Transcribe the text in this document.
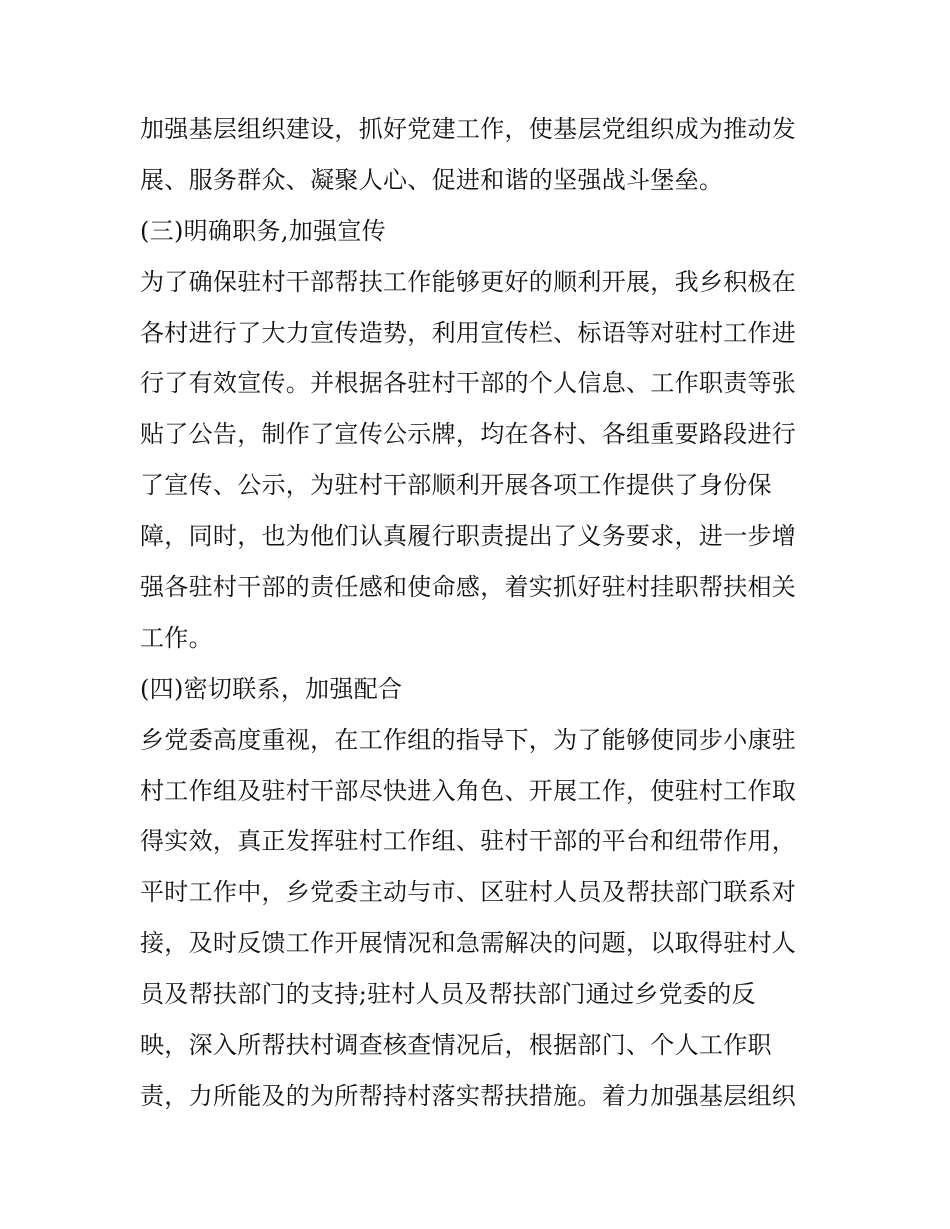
加强基层组织建设，抓好党建工作，使基层党组织成为推动发
展、服务群众、凝聚人心、促进和谐的坚强战斗堡垒。
(三)明确职务,加强宣传
为了确保驻村干部帮扶工作能够更好的顺利开展，我乡积极在
各村进行了大力宣传造势，利用宣传栏、标语等对驻村工作进
行了有效宣传。并根据各驻村干部的个人信息、工作职责等张
贴了公告，制作了宣传公示牌，均在各村、各组重要路段进行
了宣传、公示，为驻村干部顺利开展各项工作提供了身份保
障，同时，也为他们认真履行职责提出了义务要求，进一步增
强各驻村干部的责任感和使命感，着实抓好驻村挂职帮扶相关
工作。
(四)密切联系，加强配合
乡党委高度重视，在工作组的指导下，为了能够使同步小康驻
村工作组及驻村干部尽快进入角色、开展工作，使驻村工作取
得实效，真正发挥驻村工作组、驻村干部的平台和纽带作用，
平时工作中，乡党委主动与市、区驻村人员及帮扶部门联系对
接，及时反馈工作开展情况和急需解决的问题，以取得驻村人
员及帮扶部门的支持;驻村人员及帮扶部门通过乡党委的反
映，深入所帮扶村调查核查情况后，根据部门、个人工作职
责，力所能及的为所帮持村落实帮扶措施。着力加强基层组织
